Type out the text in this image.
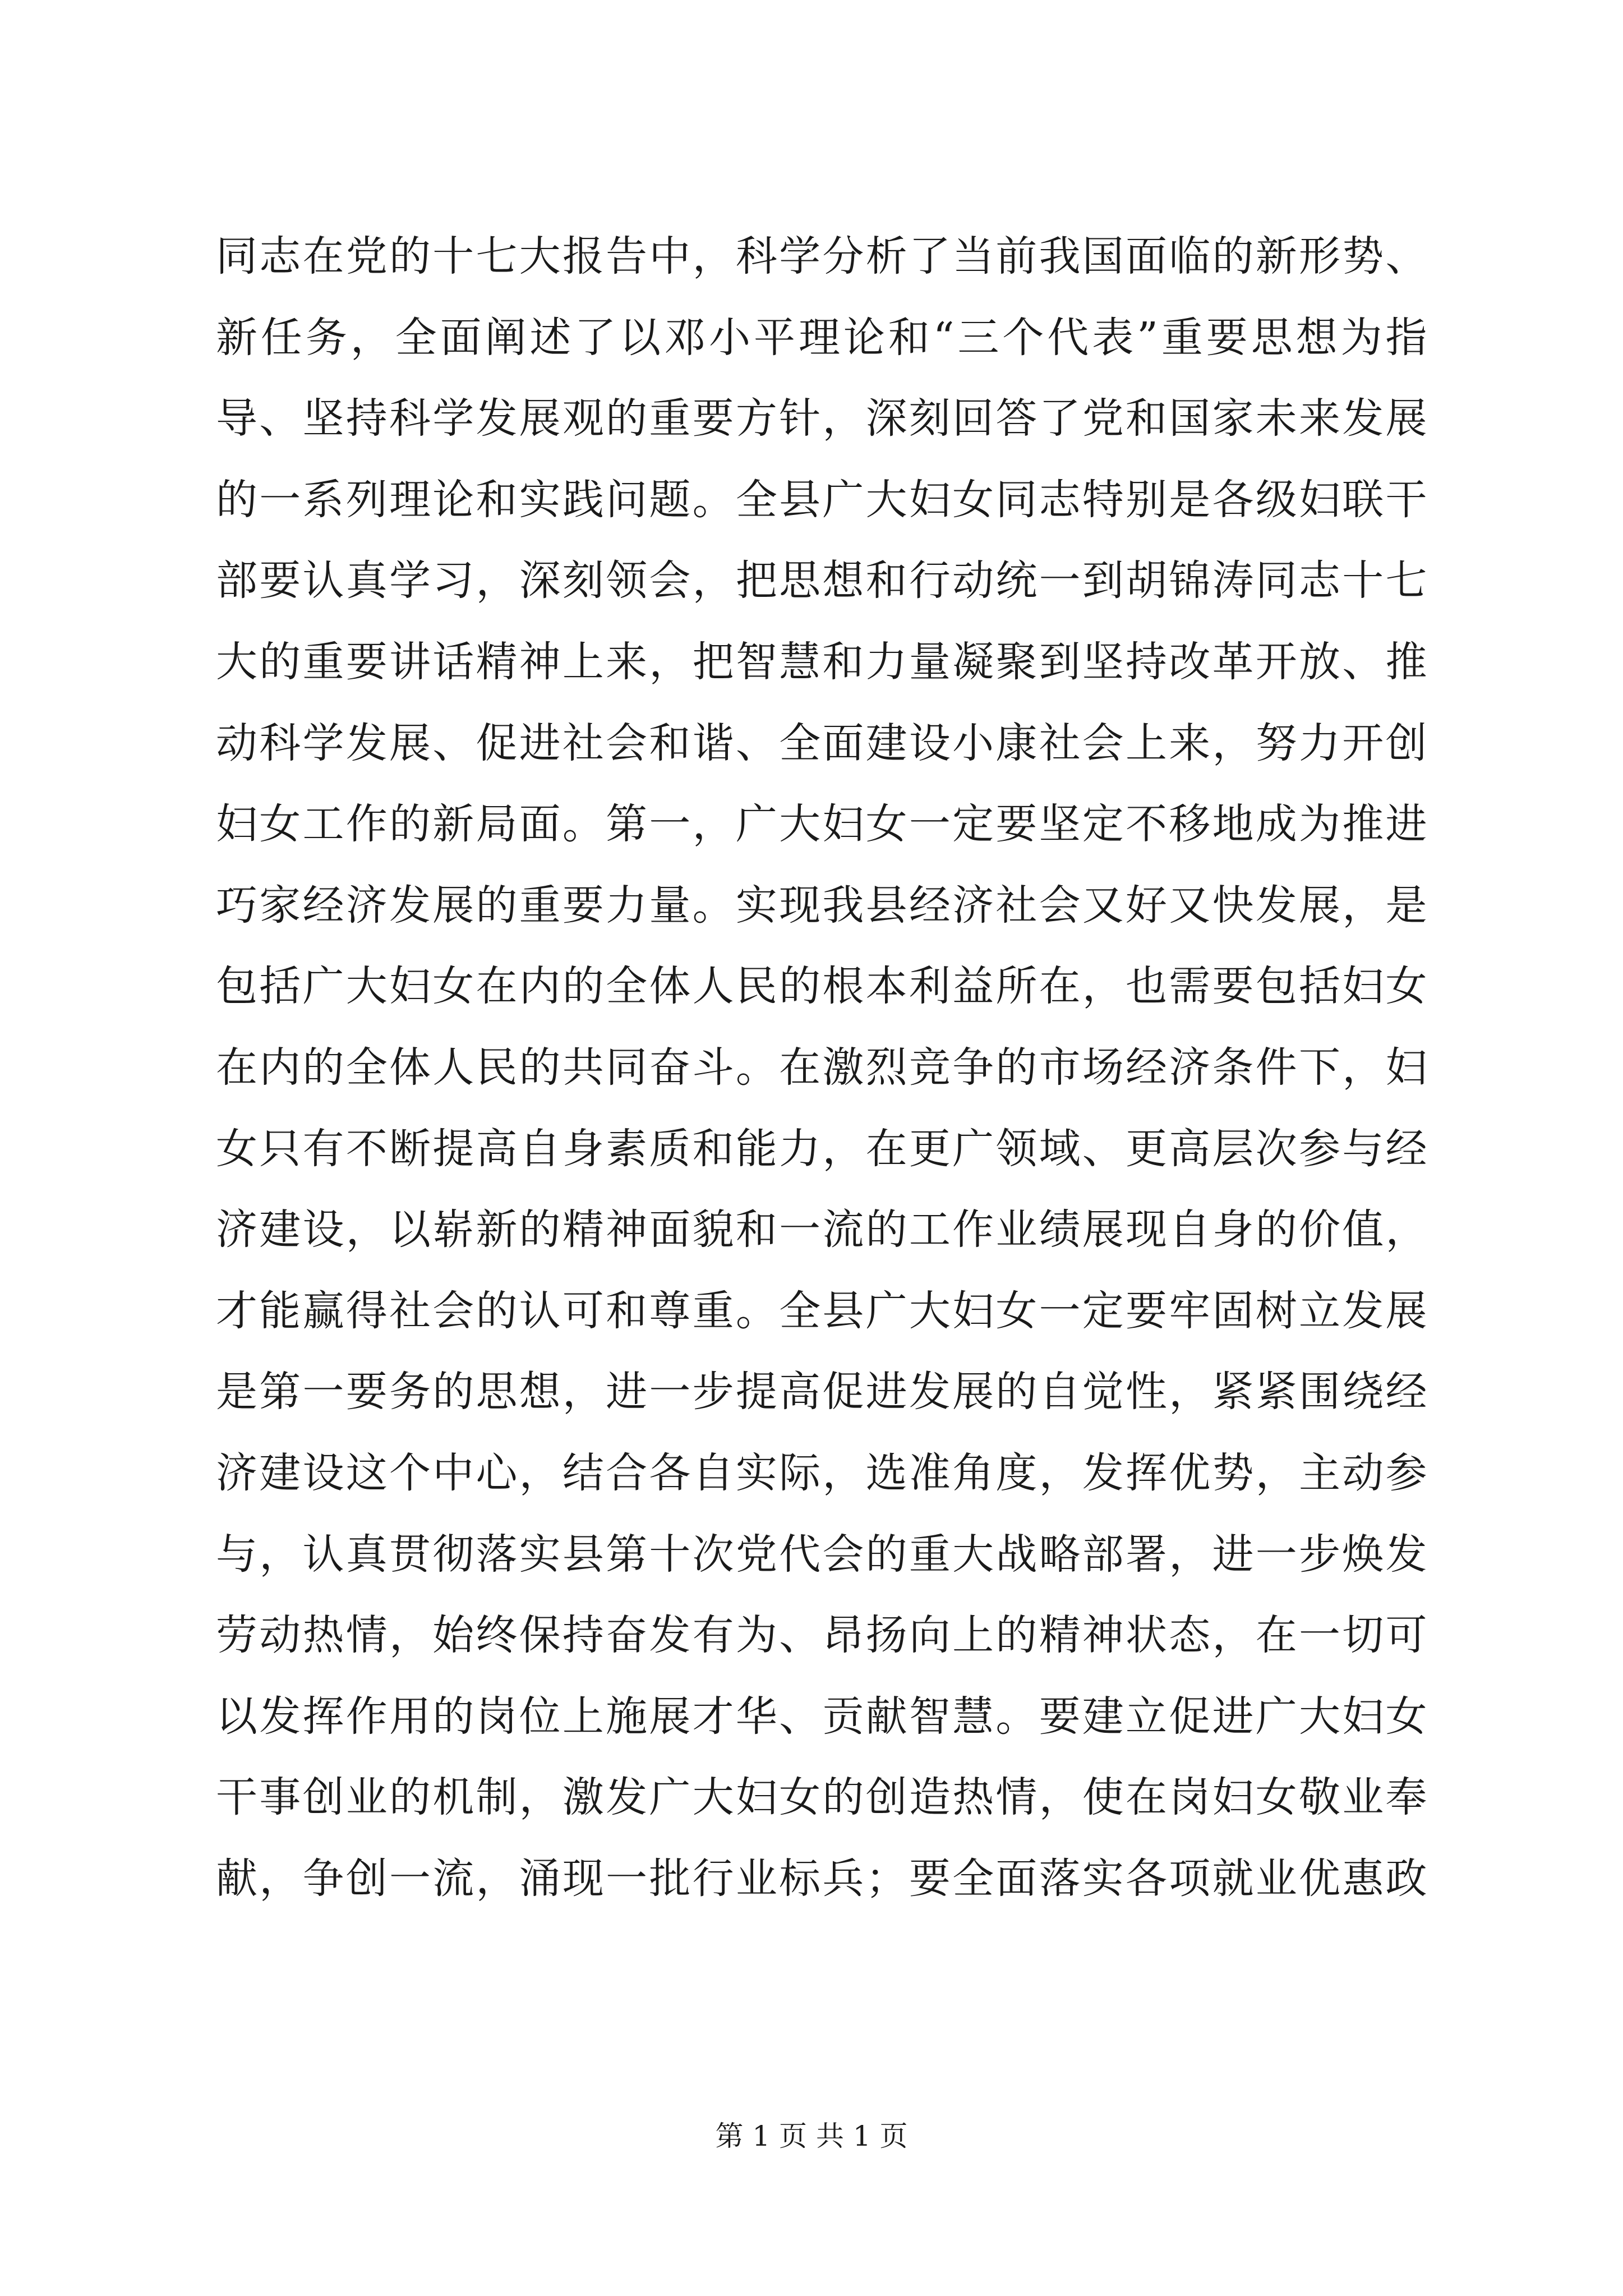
同志在党的十七大报告中，科学分析了当前我国面临的新形势、
新任务，全面阐述了以邓小平理论和“三个代表”重要思想为指
导、坚持科学发展观的重要方针，深刻回答了党和国家未来发展
的一系列理论和实践问题。全县广大妇女同志特别是各级妇联干
部要认真学习，深刻领会，把思想和行动统一到胡锦涛同志十七
大的重要讲话精神上来，把智慧和力量凝聚到坚持改革开放、推
动科学发展、促进社会和谐、全面建设小康社会上来，努力开创
妇女工作的新局面。第一，广大妇女一定要坚定不移地成为推进
巧家经济发展的重要力量。实现我县经济社会又好又快发展，是
包括广大妇女在内的全体人民的根本利益所在，也需要包括妇女
在内的全体人民的共同奋斗。在激烈竞争的市场经济条件下，妇
女只有不断提高自身素质和能力，在更广领域、更高层次参与经
济建设，以崭新的精神面貌和一流的工作业绩展现自身的价值，
才能赢得社会的认可和尊重。全县广大妇女一定要牢固树立发展
是第一要务的思想，进一步提高促进发展的自觉性，紧紧围绕经
济建设这个中心，结合各自实际，选准角度，发挥优势，主动参
与，认真贯彻落实县第十次党代会的重大战略部署，进一步焕发
劳动热情，始终保持奋发有为、昂扬向上的精神状态，在一切可
以发挥作用的岗位上施展才华、贡献智慧。要建立促进广大妇女
干事创业的机制，激发广大妇女的创造热情，使在岗妇女敬业奉
献，争创一流，涌现一批行业标兵；要全面落实各项就业优惠政
第 1 页 共 1 页
